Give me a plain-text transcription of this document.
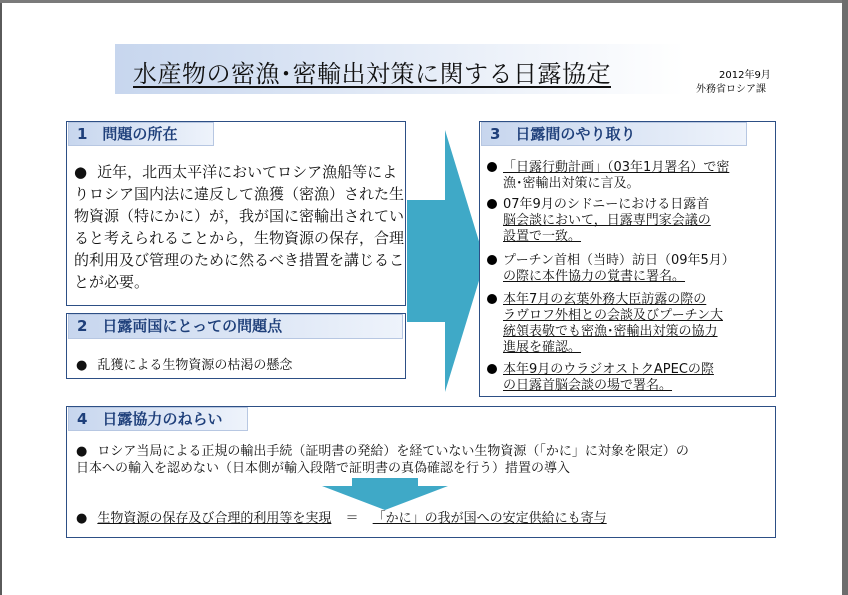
水産物の密漁･密輸出対策に関する日露協定	2012年9月
外務省ロシア課
1　問題の所在
● 近年，北西太平洋においてロシア漁船等によりロシア国内法に違反して漁獲（密漁）された生物資源（特にかに）が，我が国に密輸出されていると考えられることから，生物資源の保存，合理的利用及び管理のために然るべき措置を講じることが必要。
2　日露両国にとっての問題点
● 乱獲による生物資源の枯渇の懸念
3　日露間のやり取り
「日露行動計画」（03年1月署名）で密
漁･密輸出対策に言及。
07年9月のシドニーにおける日露首
脳会談において，日露専門家会議の
設置で一致。
プーチン首相（当時）訪日（09年5月）
の際に本件協力の覚書に署名。
本年7月の玄葉外務大臣訪露の際の
ラヴロフ外相との会談及びプーチン大
統領表敬でも密漁･密輸出対策の協力
進展を確認。
本年9月のウラジオストクAPECの際
の日露首脳会談の場で署名。
4　日露協力のねらい
● ロシア当局による正規の輸出手続（証明書の発給）を経ていない生物資源（「かに」に対象を限定）の
日本への輸入を認めない（日本側が輸入段階で証明書の真偽確認を行う）措置の導入
● 生物資源の保存及び合理的利用等を実現 ＝ 「かに」の我が国への安定供給にも寄与
